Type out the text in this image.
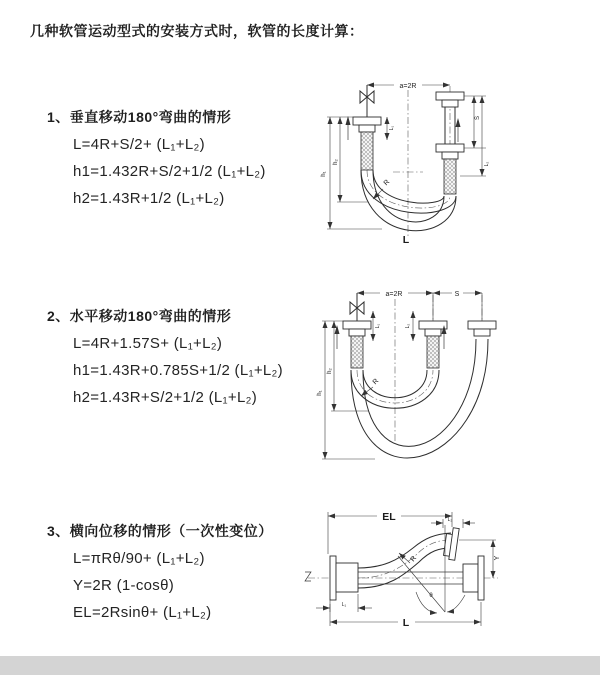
几种软管运动型式的安装方式时，软管的长度计算：
1、垂直移动180°弯曲的情形
L=4R+S/2+ (L₁+L₂)
h1=1.432R+S/2+1/2 (L₁+L₂)
h2=1.43R+1/2 (L₁+L₂)
a=2R
h₁
h₂
L₁
S
L₂
R
L
2、水平移动180°弯曲的情形
L=4R+1.57S+ (L₁+L₂)
h1=1.43R+0.785S+1/2 (L₁+L₂)
h2=1.43R+S/2+1/2 (L₁+L₂)
a=2R	S
L₁	L₂
h₁
h₂
R
3、横向位移的情形（一次性变位）
L=πRθ/90+ (L₁+L₂)
Y=2R (1-cosθ)
EL=2Rsinθ+ (L₁+L₂)
θ
R
EL	L₂
Y
L₁
L
